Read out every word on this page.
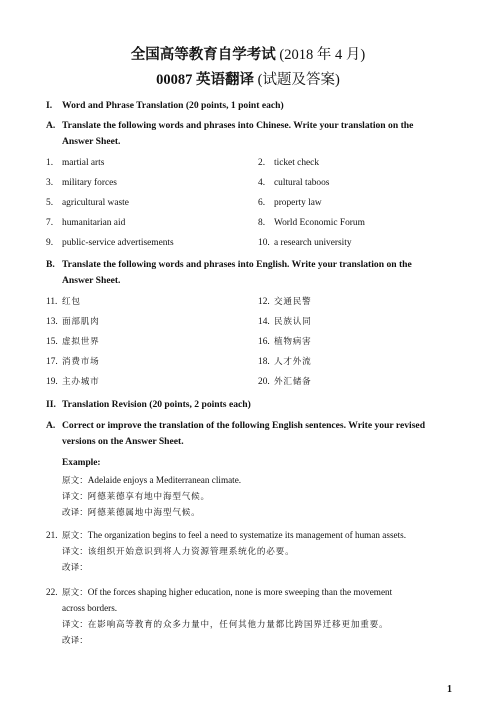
全国高等教育自学考试 (2018 年 4 月)
00087 英语翻译 (试题及答案)
I. Word and Phrase Translation (20 points, 1 point each)
A. Translate the following words and phrases into Chinese. Write your translation on the
Answer Sheet.
1. martial arts	2. ticket check
3. military forces	4. cultural taboos
5. agricultural waste	6. property law
7. humanitarian aid	8. World Economic Forum
9. public-service advertisements	10. a research university
B. Translate the following words and phrases into English. Write your translation on the
Answer Sheet.
11. 红包	12. 交通民警
13. 面部肌肉	14. 民族认同
15. 虚拟世界	16. 植物病害
17. 消费市场	18. 人才外流
19. 主办城市	20. 外汇储备
II. Translation Revision (20 points, 2 points each)
A. Correct or improve the translation of the following English sentences. Write your revised
versions on the Answer Sheet.
Example:
原文：Adelaide enjoys a Mediterranean climate.
译文：阿德莱德享有地中海型气候。
改译：阿德莱德属地中海型气候。
21. 原文：The organization begins to feel a need to systematize its management of human assets.
译文：该组织开始意识到将人力资源管理系统化的必要。
改译：
22. 原文：Of the forces shaping higher education, none is more sweeping than the movement
across borders.
译文：在影响高等教育的众多力量中，任何其他力量都比跨国界迁移更加重要。
改译：
1
